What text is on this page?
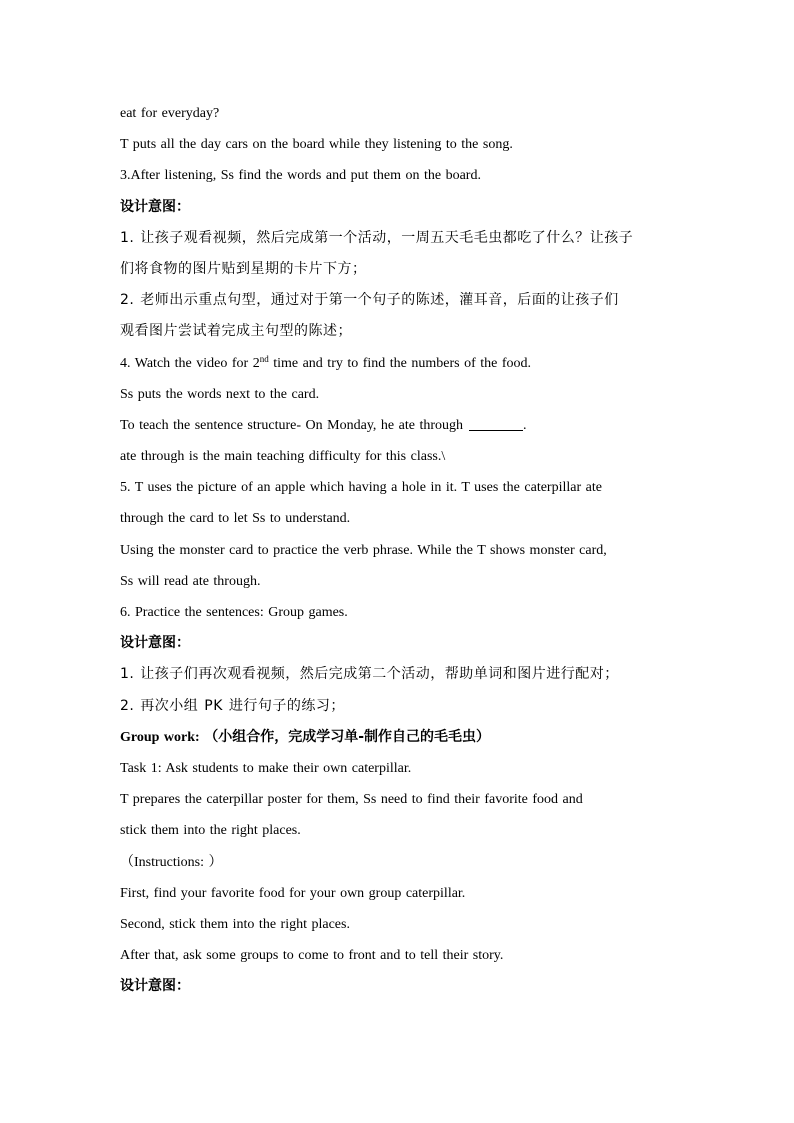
eat for everyday?
T puts all the day cars on the board while they listening to the song.
3.After listening, Ss find the words and put them on the board.
设计意图：
1. 让孩子观看视频，然后完成第一个活动，一周五天毛毛虫都吃了什么？让孩子
们将食物的图片贴到星期的卡片下方；
2. 老师出示重点句型，通过对于第一个句子的陈述，灌耳音，后面的让孩子们
观看图片尝试着完成主句型的陈述；
4. Watch the video for 2nd time and try to find the numbers of the food.
Ss puts the words next to the card.
To teach the sentence structure- On Monday, he ate through	.
ate through is the main teaching difficulty for this class.\
5. T uses the picture of an apple which having a hole in it. T uses the caterpillar ate
through the card to let Ss to understand.
Using the monster card to practice the verb phrase. While the T shows monster card,
Ss will read ate through.
6. Practice the sentences: Group games.
设计意图：
1. 让孩子们再次观看视频，然后完成第二个活动，帮助单词和图片进行配对；
2. 再次小组 PK 进行句子的练习；
Group work: （小组合作，完成学习单-制作自己的毛毛虫）
Task 1: Ask students to make their own caterpillar.
T prepares the caterpillar poster for them, Ss need to find their favorite food and
stick them into the right places.
（Instructions: ）
First, find your favorite food for your own group caterpillar.
Second, stick them into the right places.
After that, ask some groups to come to front and to tell their story.
设计意图：
